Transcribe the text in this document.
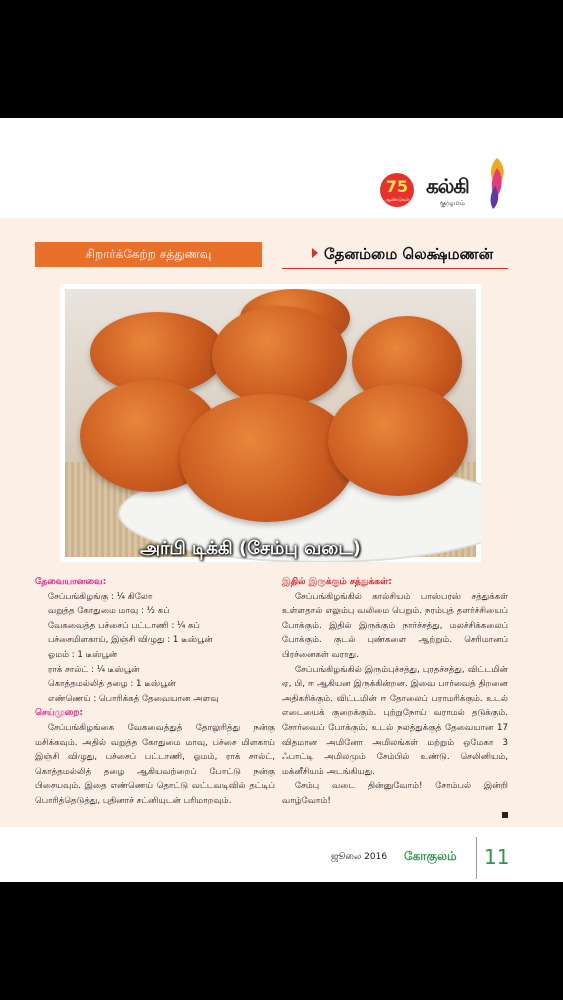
75
ஆண்டுகள்
கல்கி
குழுமம்
சிறார்க்கேற்ற சத்துணவு	தேனம்மை லெக்ஷ்மணன்
அர்பி டிக்கி (சேம்பு வடை)
தேவையானவை:
சேப்பங்கிழங்கு : ¼ கிலோ
வறுத்த கோதுமை மாவு : ½ கப்
வேகவைத்த பச்சைப் பட்டாணி : ¼ கப்
பச்சைமிளகாய், இஞ்சி விழுது : 1 டீஸ்பூன்
ஓமம் : 1 டீஸ்பூன்
ராக் சால்ட் : ¼ டீஸ்பூன்
கொத்தமல்லித் தழை : 1 டீஸ்பூன்
எண்ணெய் : பொரிக்கத் தேவையான அளவு
செய்முறை:
சேப்பங்கிழங்கை வேகவைத்துத் தோலுரித்து நன்கு மசிக்கவும். அதில் வறுத்த கோதுமை மாவு, பச்சை மிளகாய் இஞ்சி விழுது, பச்சைப் பட்டாணி, ஓமம், ராக் சால்ட், கொத்தமல்லித் தழை ஆகியவற்றைப் போட்டு நன்கு பிசையவும். இதை எண்ணெய் தொட்டு வட்டவடிவில் தட்டிப் பொரித்தெடுத்து, புதினாச் சட்னியுடன் பரிமாறவும்.
இதில் இருக்கும் சத்துக்கள்:
சேப்பங்கிழங்கில் கால்சியம் பாஸ்பரஸ் சத்துக்கள் உள்ளதால் எலும்பு வலிமை பெறும். நரம்புத் தளர்ச்சியைப் போக்கும். இதில் இருக்கும் நார்ச்சத்து, மலச்சிக்கலைப் போக்கும். குடல் புண்களை ஆற்றும். செரிமானப் பிரச்னைகள் வராது.
சேப்பங்கிழங்கில் இரும்புச்சத்து, புரதச்சத்து, விட்டமின் ஏ, பி, ஈ ஆகியன இருக்கின்றன. இவை பார்வைத் திறனை அதிகரிக்கும். விட்டமின் ஈ தோலைப் பராமரிக்கும். உடல் எடையைக் குறைக்கும். புற்றுநோய் வராமல் தடுக்கும். சோர்வைப் போக்கும். உடல் நலத்துக்குத் தேவையான 17 விதமான அமினோ அமிலங்கள் மற்றும் ஒமேகா 3 ஃபாட்டி அமிலமும் சேம்பில் உண்டு. செலினியம், மக்னீசியம் அடங்கியது.
சேம்பு வடை தின்னுவோம்! சோம்பல் இன்றி வாழ்வோம்!
ஜூலை 2016 கோகுலம் 11
